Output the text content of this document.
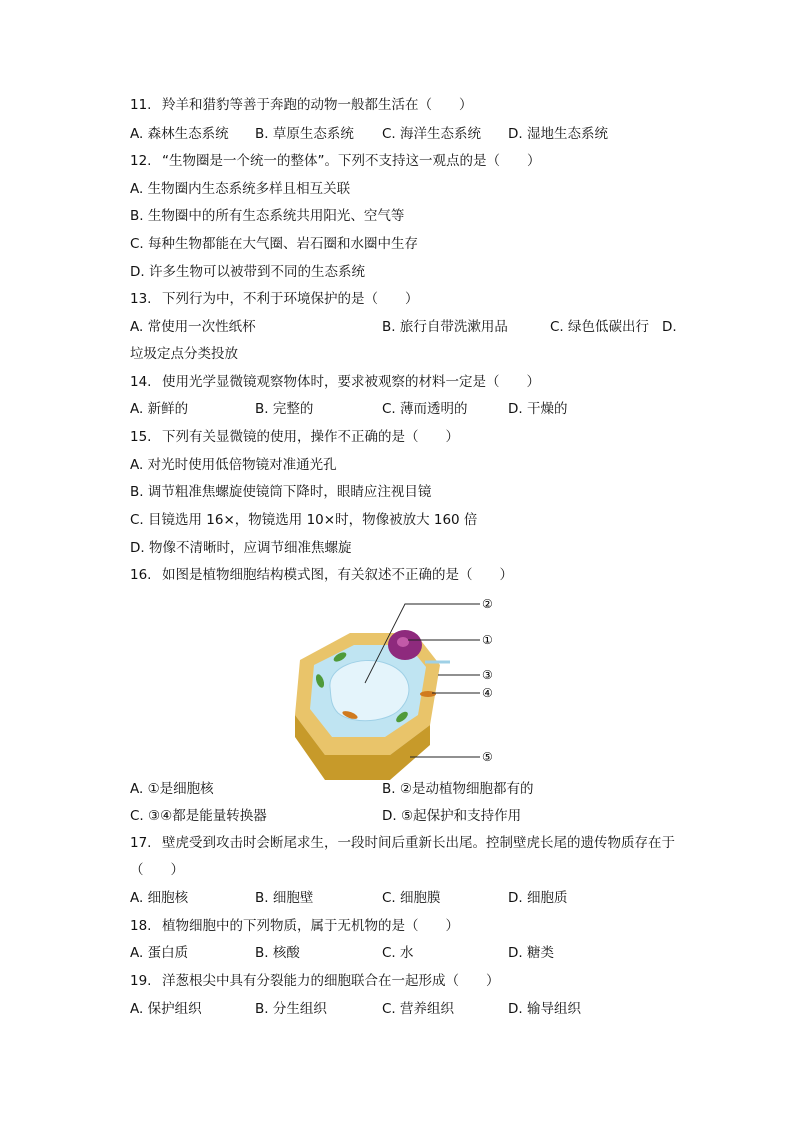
11. 羚羊和猎豹等善于奔跑的动物一般都生活在（　　）
A. 森林生态系统 B. 草原生态系统 C. 海洋生态系统 D. 湿地生态系统
12. “生物圈是一个统一的整体”。下列不支持这一观点的是（　　）
A. 生物圈内生态系统多样且相互关联
B. 生物圈中的所有生态系统共用阳光、空气等
C. 每种生物都能在大气圈、岩石圈和水圈中生存
D. 许多生物可以被带到不同的生态系统
13. 下列行为中，不利于环境保护的是（　　）
A. 常使用一次性纸杯	B. 旅行自带洗漱用品	C. 绿色低碳出行 D.
垃圾定点分类投放
14. 使用光学显微镜观察物体时，要求被观察的材料一定是（　　）
A. 新鲜的	B. 完整的	C. 薄而透明的	D. 干燥的
15. 下列有关显微镜的使用，操作不正确的是（　　）
A. 对光时使用低倍物镜对准通光孔
B. 调节粗准焦螺旋使镜筒下降时，眼睛应注视目镜
C. 目镜选用 16×，物镜选用 10×时，物像被放大 160 倍
D. 物像不清晰时，应调节细准焦螺旋
16. 如图是植物细胞结构模式图，有关叙述不正确的是（　　）
②
①
③
④
⑤
A. ①是细胞核	B. ②是动植物细胞都有的
C. ③④都是能量转换器	D. ⑤起保护和支持作用
17. 壁虎受到攻击时会断尾求生，一段时间后重新长出尾。控制壁虎长尾的遗传物质存在于
（　　）
A. 细胞核	B. 细胞壁	C. 细胞膜	D. 细胞质
18. 植物细胞中的下列物质，属于无机物的是（　　）
A. 蛋白质	B. 核酸	C. 水	D. 糖类
19. 洋葱根尖中具有分裂能力的细胞联合在一起形成（　　）
A. 保护组织	B. 分生组织	C. 营养组织	D. 输导组织
